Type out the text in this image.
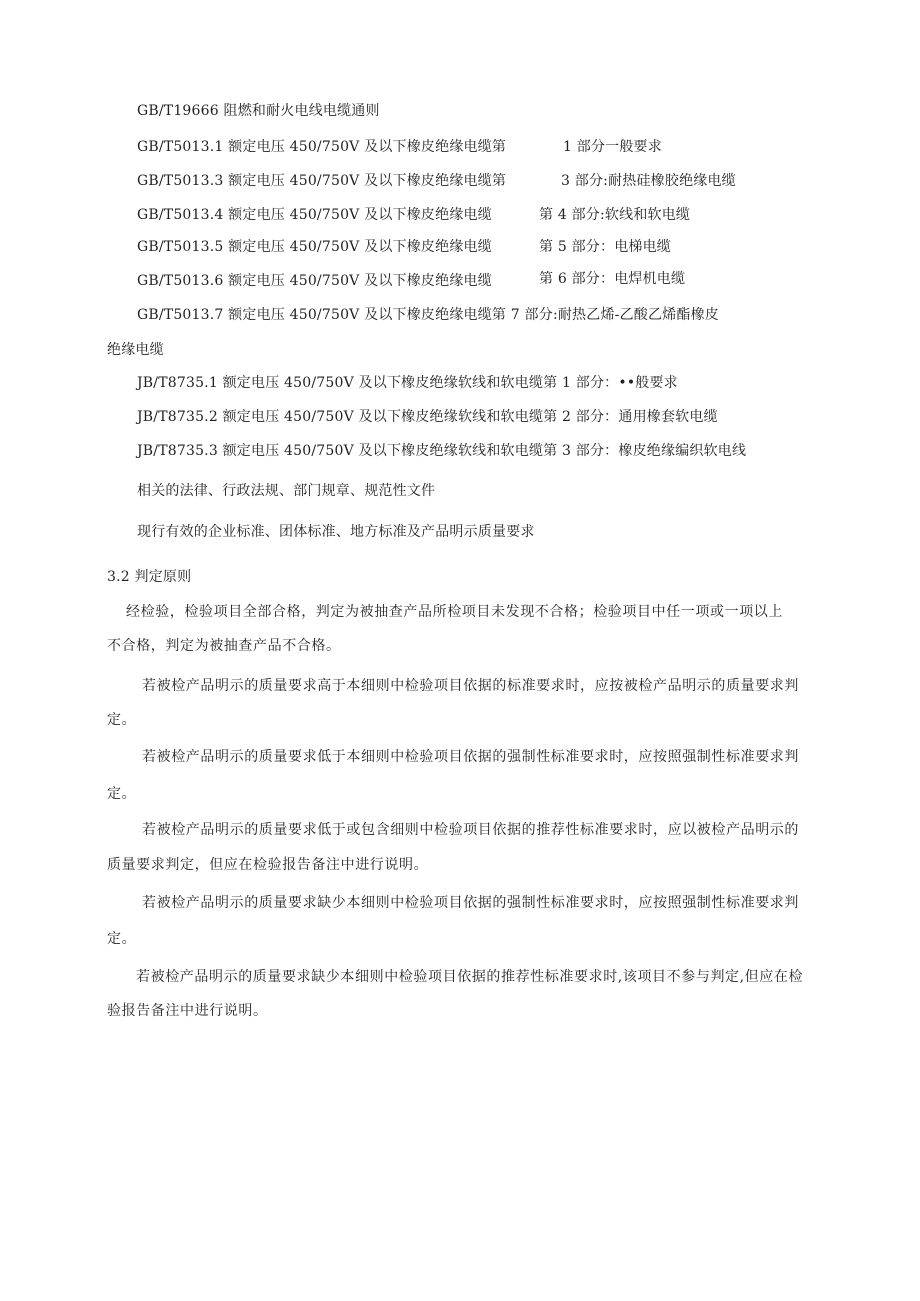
GB/T19666 阻燃和耐火电线电缆通则

GB/T5013.1 额定电压 450/750V 及以下橡皮绝缘电缆第	1 部分一般要求

GB/T5013.3 额定电压 450/750V 及以下橡皮绝缘电缆第	3 部分:耐热硅橡胶绝缘电缆

GB/T5013.4 额定电压 450/750V 及以下橡皮绝缘电缆	第 4 部分:软线和软电缆

GB/T5013.5 额定电压 450/750V 及以下橡皮绝缘电缆	第 5 部分：电梯电缆

GB/T5013.6 额定电压 450/750V 及以下橡皮绝缘电缆	第 6 部分：电焊机电缆

GB/T5013.7 额定电压 450/750V 及以下橡皮绝缘电缆第 7 部分:耐热乙烯-乙酸乙烯酯橡皮

绝缘电缆

JB/T8735.1 额定电压 450/750V 及以下橡皮绝缘软线和软电缆第 1 部分：••般要求

JB/T8735.2 额定电压 450/750V 及以下橡皮绝缘软线和软电缆第 2 部分：通用橡套软电缆

JB/T8735.3 额定电压 450/750V 及以下橡皮绝缘软线和软电缆第 3 部分：橡皮绝缘编织软电线

相关的法律、行政法规、部门规章、规范性文件

现行有效的企业标准、团体标准、地方标准及产品明示质量要求

3.2 判定原则

经检验，检验项目全部合格，判定为被抽查产品所检项目未发现不合格；检验项目中任一项或一项以上

不合格，判定为被抽查产品不合格。

若被检产品明示的质量要求高于本细则中检验项目依据的标准要求时，应按被检产品明示的质量要求判

定。

若被检产品明示的质量要求低于本细则中检验项目依据的强制性标准要求时，应按照强制性标准要求判

定。

若被检产品明示的质量要求低于或包含细则中检验项目依据的推荐性标准要求时，应以被检产品明示的

质量要求判定，但应在检验报告备注中进行说明。

若被检产品明示的质量要求缺少本细则中检验项目依据的强制性标准要求时，应按照强制性标准要求判

定。

若被检产品明示的质量要求缺少本细则中检验项目依据的推荐性标准要求时,该项目不参与判定,但应在检

验报告备注中进行说明。
